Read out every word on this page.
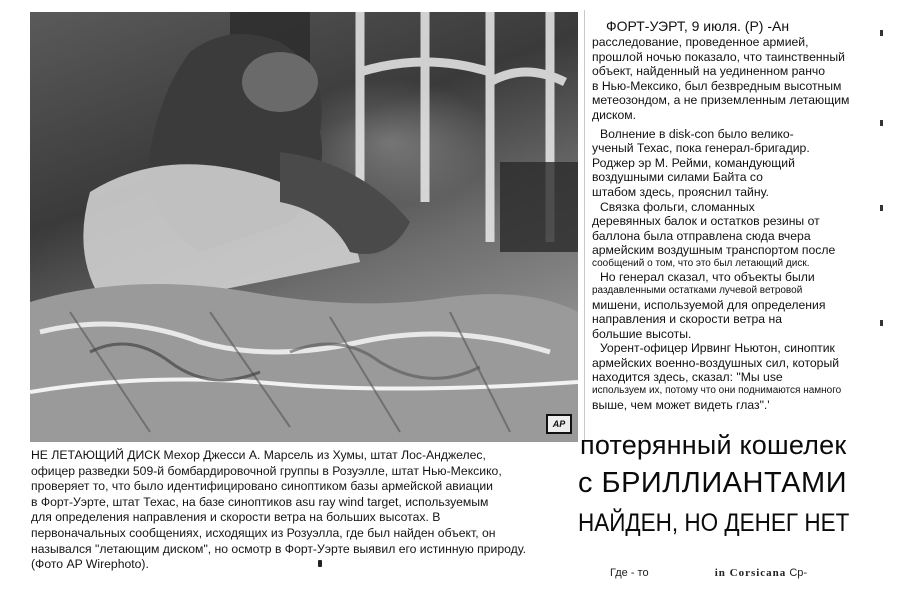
AP
НЕ ЛЕТАЮЩИЙ ДИСК Мехор Джесси А. Марсель из Хумы, штат Лос-Анджелес,
офицер разведки 509-й бомбардировочной группы в Розуэлле, штат Нью-Мексико,
проверяет то, что было идентифицировано синоптиком базы армейской авиации
в Форт-Уэрте, штат Техас, на базе синоптиков asu ray wind target, используемым
для определения направления и скорости ветра на больших высотах. В
первоначальных сообщениях, исходящих из Розуэлла, где был найден объект, он
назывался "летающим диском", но осмотр в Форт-Уэрте выявил его истинную природу.
(Фото AP Wirephoto).
ФОРТ-УЭРТ, 9 июля. (Р) -Ан
расследование, проведенное армией,
прошлой ночью показало, что таинственный
объект, найденный на уединенном ранчо
в Нью-Мексико, был безвредным высотным
метеозондом, а не приземленным летающим
диском.
Волнение в disk-con было велико-
ученый Техас, пока генерал-бригадир.
Роджер эр М. Рейми, командующий
воздушными силами Байта со
штабом здесь, прояснил тайну.
Связка фольги, сломанных
деревянных балок и остатков резины от
баллона была отправлена сюда вчера
армейским воздушным транспортом после
сообщений о том, что это был летающий диск.
Но генерал сказал, что объекты были
раздавленными остатками лучевой ветровой
мишени, используемой для определения
направления и скорости ветра на
большие высоты.
Уорент-офицер Ирвинг Ньютон, синоптик
армейских военно-воздушных сил, который
находится здесь, сказал: "Мы use
используем их, потому что они поднимаются намного
выше, чем может видеть глаз".'
потерянный кошелек
с БРИЛЛИАНТАМИ
НАЙДЕН, НО ДЕНЕГ НЕТ
Где - то	in Corsicana Ср-
